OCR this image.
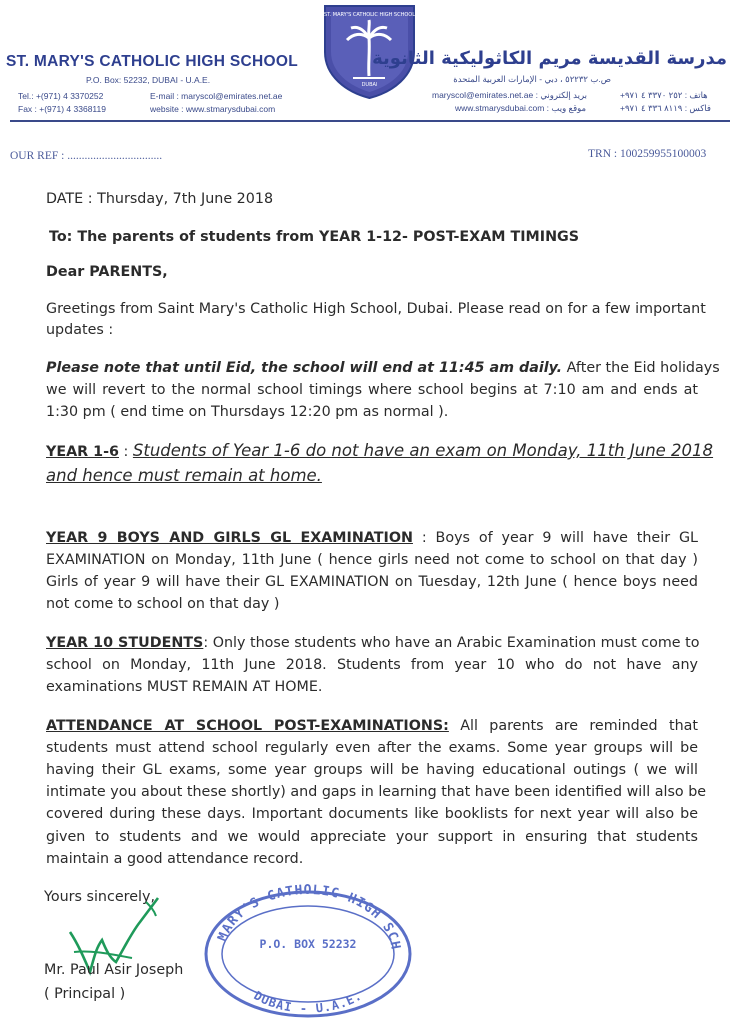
ST. MARY'S CATHOLIC HIGH SCHOOL
P.O. Box: 52232, DUBAI - U.A.E.
Tel.: +(971) 4 3370252	E-mail : maryscol@emirates.net.ae
Fax : +(971) 4 3368119	website : www.stmarysdubai.com
ST. MARY'S CATHOLIC HIGH SCHOOL
DUBAI
مدرسة القديسة مريم الكاثوليكية الثانوية
ص.ب ٥٢٢٣٢ ، دبي - الإمارات العربية المتحدة
maryscol@emirates.net.ae : بريد إلكتروني	هاتف : ٢٥٢ ٣٣٧٠ ٤ ٩٧١+
www.stmarysdubai.com : موقع ويب	فاكس : ٨١١٩ ٣٣٦ ٤ ٩٧١+
OUR REF : .................................	TRN : 100259955100003
DATE : Thursday, 7th June 2018
To: The parents of students from YEAR 1-12- POST-EXAM TIMINGS
Dear PARENTS,
Greetings from Saint Mary's Catholic High School, Dubai. Please read on for a few important
updates :
Please note that until Eid, the school will end at 11:45 am daily. After the Eid holidays
we will revert to the normal school timings where school begins at 7:10 am and ends at
1:30 pm ( end time on Thursdays 12:20 pm as normal ).
YEAR 1-6 : Students of Year 1-6 do not have an exam on Monday, 11th June 2018
and hence must remain at home.
YEAR 9 BOYS AND GIRLS GL EXAMINATION : Boys of year 9 will have their GL
EXAMINATION on Monday, 11th June ( hence girls need not come to school on that day )
Girls of year 9 will have their GL EXAMINATION on Tuesday, 12th June ( hence boys need
not come to school on that day )
YEAR 10 STUDENTS: Only those students who have an Arabic Examination must come to
school on Monday, 11th June 2018. Students from year 10 who do not have any
examinations MUST REMAIN AT HOME.
ATTENDANCE AT SCHOOL POST-EXAMINATIONS: All parents are reminded that
students must attend school regularly even after the exams. Some year groups will be
having their GL exams, some year groups will be having educational outings ( we will
intimate you about these shortly) and gaps in learning that have been identified will also be
covered during these days. Important documents like booklists for next year will also be
given to students and we would appreciate your support in ensuring that students
maintain a good attendance record.
Yours sincerely,
Mr. Paul Asir Joseph
( Principal )
MARY'S CATHOLIC HIGH SCH
P.O. BOX 52232
DUBAI - U.A.E.
